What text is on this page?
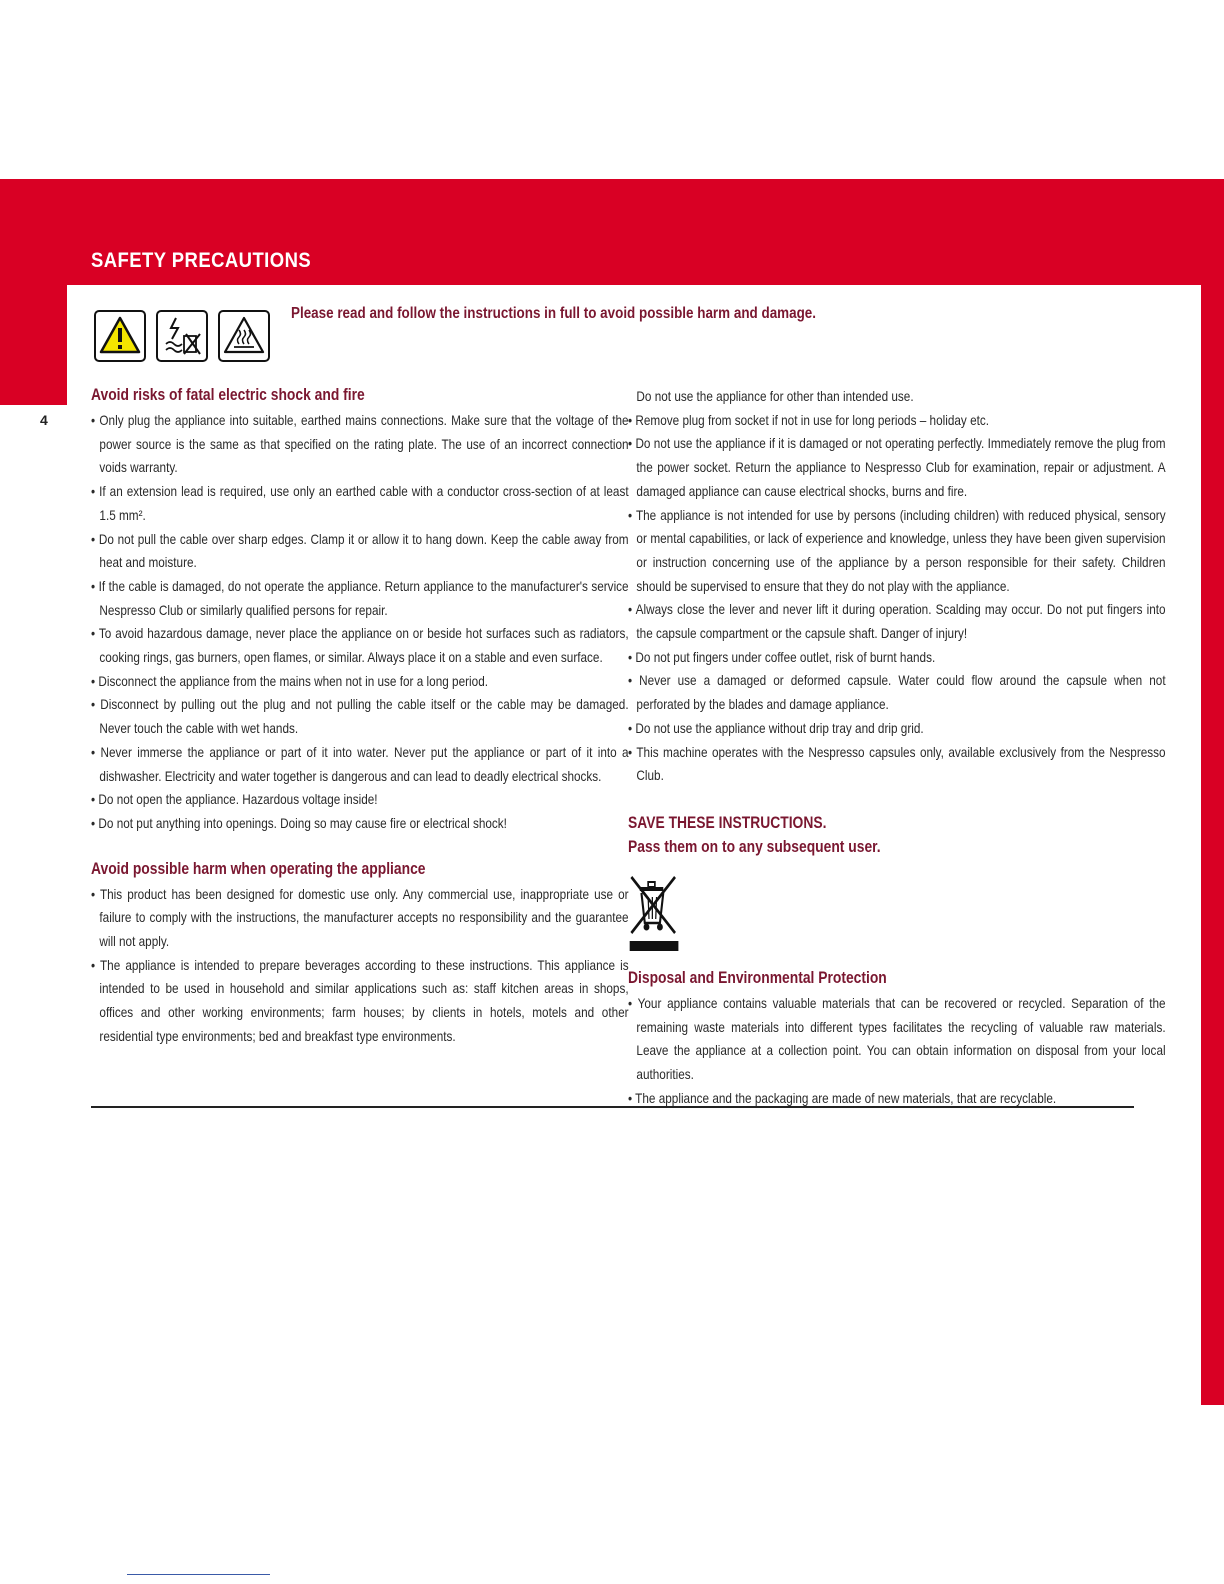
SAFETY PRECAUTIONS
4
Please read and follow the instructions in full to avoid possible harm and damage.
Avoid risks of fatal electric shock and fire

• Only plug the appliance into suitable, earthed mains connections. Make sure that the voltage of the power source is the same as that specified on the rating plate. The use of an incorrect connection voids warranty.

• If an extension lead is required, use only an earthed cable with a conductor cross-section of at least 1.5 mm².

• Do not pull the cable over sharp edges. Clamp it or allow it to hang down. Keep the cable away from heat and moisture.

• If the cable is damaged, do not operate the appliance. Return appliance to the manufacturer's service Nespresso Club or similarly qualified persons for repair.

• To avoid hazardous damage, never place the appliance on or beside hot surfaces such as radiators, cooking rings, gas burners, open flames, or similar. Always place it on a stable and even surface.

• Disconnect the appliance from the mains when not in use for a long period.

• Disconnect by pulling out the plug and not pulling the cable itself or the cable may be damaged. Never touch the cable with wet hands.

• Never immerse the appliance or part of it into water. Never put the appliance or part of it into a dishwasher. Electricity and water together is dangerous and can lead to deadly electrical shocks.

• Do not open the appliance. Hazardous voltage inside!

• Do not put anything into openings. Doing so may cause fire or electrical shock!

Avoid possible harm when operating the appliance

• This product has been designed for domestic use only. Any commercial use, inappropriate use or failure to comply with the instructions, the manufacturer accepts no responsibility and the guarantee will not apply.

• The appliance is intended to prepare beverages according to these instructions. This appliance is intended to be used in household and similar applications such as: staff kitchen areas in shops, offices and other working environments; farm houses; by clients in hotels, motels and other residential type environments; bed and breakfast type environments.

Do not use the appliance for other than intended use.

• Remove plug from socket if not in use for long periods – holiday etc.

• Do not use the appliance if it is damaged or not operating perfectly. Immediately remove the plug from the power socket. Return the appliance to Nespresso Club for examination, repair or adjustment. A damaged appliance can cause electrical shocks, burns and fire.

• The appliance is not intended for use by persons (including children) with reduced physical, sensory or mental capabilities, or lack of experience and knowledge, unless they have been given supervision or instruction concerning use of the appliance by a person responsible for their safety. Children should be supervised to ensure that they do not play with the appliance.

• Always close the lever and never lift it during operation. Scalding may occur. Do not put fingers into the capsule compartment or the capsule shaft. Danger of injury!

• Do not put fingers under coffee outlet, risk of burnt hands.

• Never use a damaged or deformed capsule. Water could flow around the capsule when not perforated by the blades and damage appliance.

• Do not use the appliance without drip tray and drip grid.

• This machine operates with the Nespresso capsules only, available exclusively from the Nespresso Club.

SAVE THESE INSTRUCTIONS.

Pass them on to any subsequent user.

Disposal and Environmental Protection

• Your appliance contains valuable materials that can be recovered or recycled. Separation of the remaining waste materials into different types facilitates the recycling of valuable raw materials. Leave the appliance at a collection point. You can obtain information on disposal from your local authorities.

• The appliance and the packaging are made of new materials, that are recyclable.
